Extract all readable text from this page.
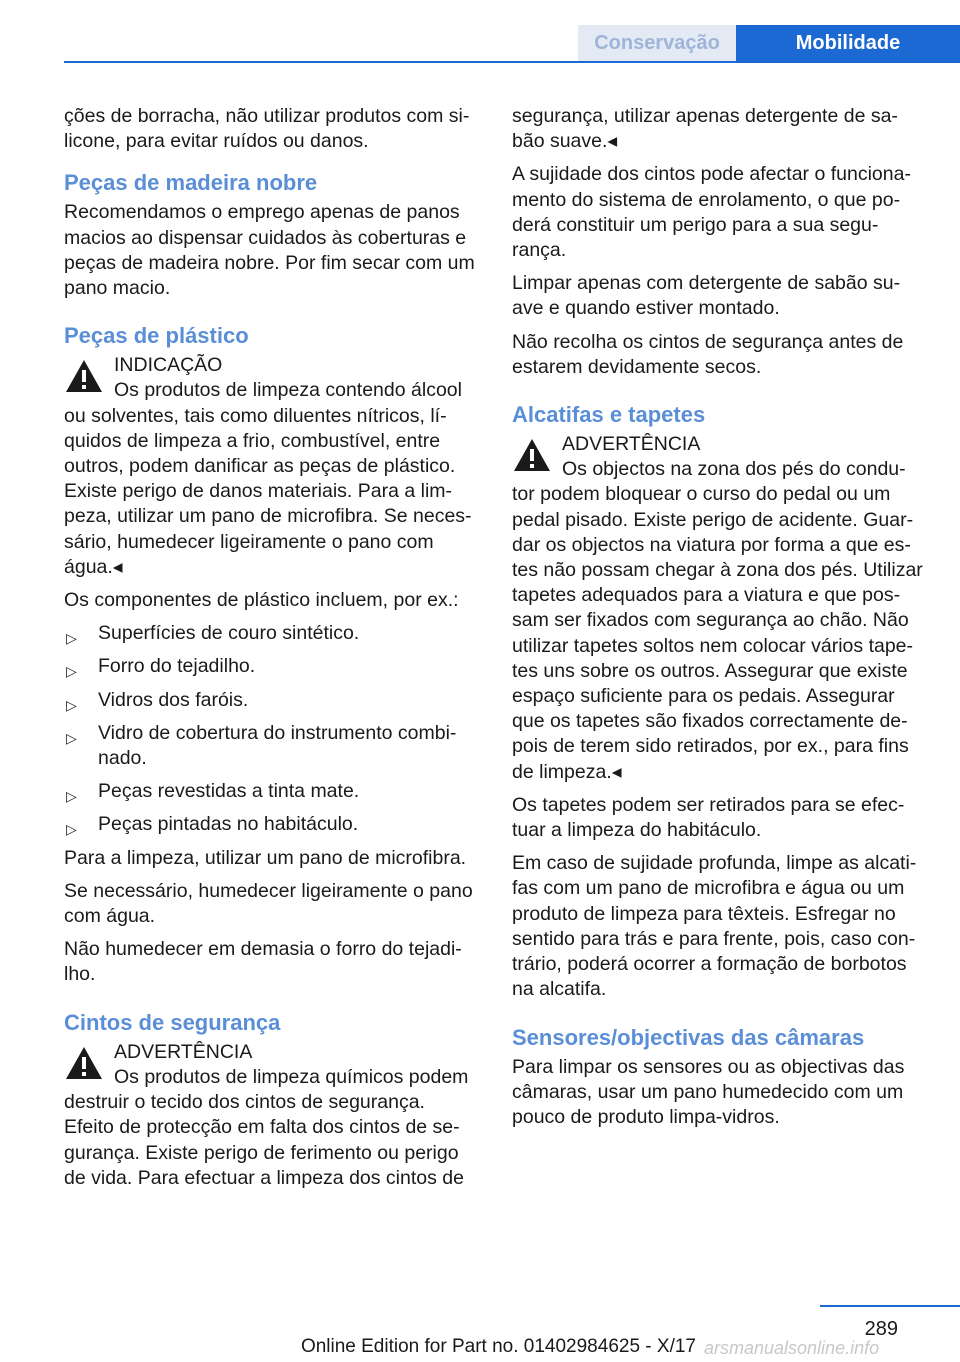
Conservação	Mobilidade

ções de borracha, não utilizar produtos com si-
licone, para evitar ruídos ou danos.

Peças de madeira nobre

Recomendamos o emprego apenas de panos
macios ao dispensar cuidados às coberturas e
peças de madeira nobre. Por fim secar com um
pano macio.

Peças de plástico
INDICAÇÃO
Os produtos de limpeza contendo álcool
ou solventes, tais como diluentes nítricos, lí-
quidos de limpeza a frio, combustível, entre
outros, podem danificar as peças de plástico.
Existe perigo de danos materiais. Para a lim-
peza, utilizar um pano de microfibra. Se neces-
sário, humedecer ligeiramente o pano com
água.◂

Os componentes de plástico incluem, por ex.:

▷ Superfícies de couro sintético.
▷ Forro do tejadilho.
▷ Vidros dos faróis.
▷ Vidro de cobertura do instrumento combi-
nado.
▷ Peças revestidas a tinta mate.
▷ Peças pintadas no habitáculo.

Para a limpeza, utilizar um pano de microfibra.

Se necessário, humedecer ligeiramente o pano
com água.

Não humedecer em demasia o forro do tejadi-
lho.

Cintos de segurança
ADVERTÊNCIA
Os produtos de limpeza químicos podem
destruir o tecido dos cintos de segurança.
Efeito de protecção em falta dos cintos de se-
gurança. Existe perigo de ferimento ou perigo
de vida. Para efectuar a limpeza dos cintos de

segurança, utilizar apenas detergente de sa-
bão suave.◂

A sujidade dos cintos pode afectar o funciona-
mento do sistema de enrolamento, o que po-
derá constituir um perigo para a sua segu-
rança.

Limpar apenas com detergente de sabão su-
ave e quando estiver montado.

Não recolha os cintos de segurança antes de
estarem devidamente secos.

Alcatifas e tapetes
ADVERTÊNCIA
Os objectos na zona dos pés do condu-
tor podem bloquear o curso do pedal ou um
pedal pisado. Existe perigo de acidente. Guar-
dar os objectos na viatura por forma a que es-
tes não possam chegar à zona dos pés. Utilizar
tapetes adequados para a viatura e que pos-
sam ser fixados com segurança ao chão. Não
utilizar tapetes soltos nem colocar vários tape-
tes uns sobre os outros. Assegurar que existe
espaço suficiente para os pedais. Assegurar
que os tapetes são fixados correctamente de-
pois de terem sido retirados, por ex., para fins
de limpeza.◂

Os tapetes podem ser retirados para se efec-
tuar a limpeza do habitáculo.

Em caso de sujidade profunda, limpe as alcati-
fas com um pano de microfibra e água ou um
produto de limpeza para têxteis. Esfregar no
sentido para trás e para frente, pois, caso con-
trário, poderá ocorrer a formação de borbotos
na alcatifa.

Sensores/objectivas das câmaras

Para limpar os sensores ou as objectivas das
câmaras, usar um pano humedecido com um
pouco de produto limpa-vidros.

289
Online Edition for Part no. 01402984625 - X/17 arsmanualsonline.info
